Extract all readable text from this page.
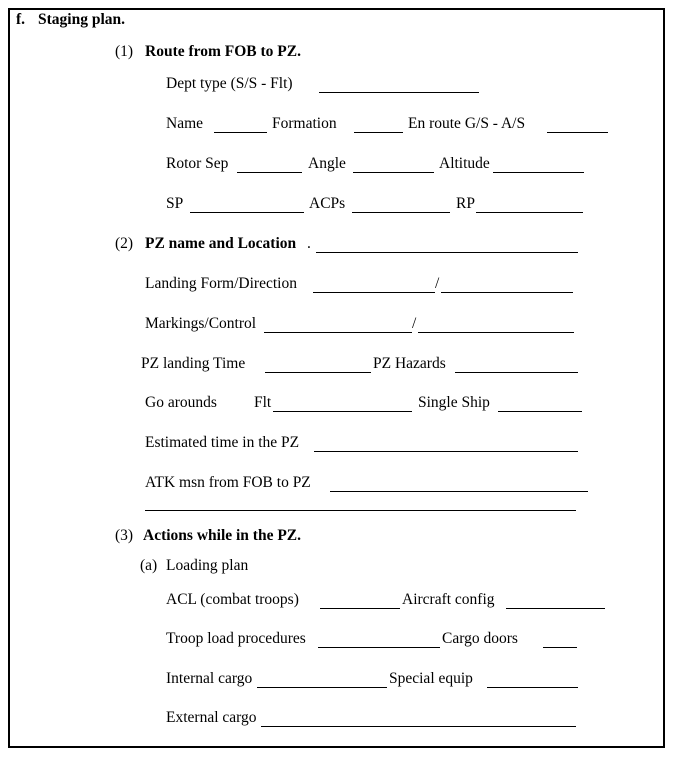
f. Staging plan.
(1) Route from FOB to PZ.
Dept type (S/S - Flt)
Name	Formation	En route G/S - A/S
Rotor Sep	Angle	Altitude
SP	ACPs	RP
(2) PZ name and Location .
Landing Form/Direction	/
Markings/Control	/
PZ landing Time	PZ Hazards
Go arounds Flt	Single Ship
Estimated time in the PZ
ATK msn from FOB to PZ
(3) Actions while in the PZ.
(a) Loading plan
ACL (combat troops)	Aircraft config
Troop load procedures	Cargo doors
Internal cargo	Special equip
External cargo
